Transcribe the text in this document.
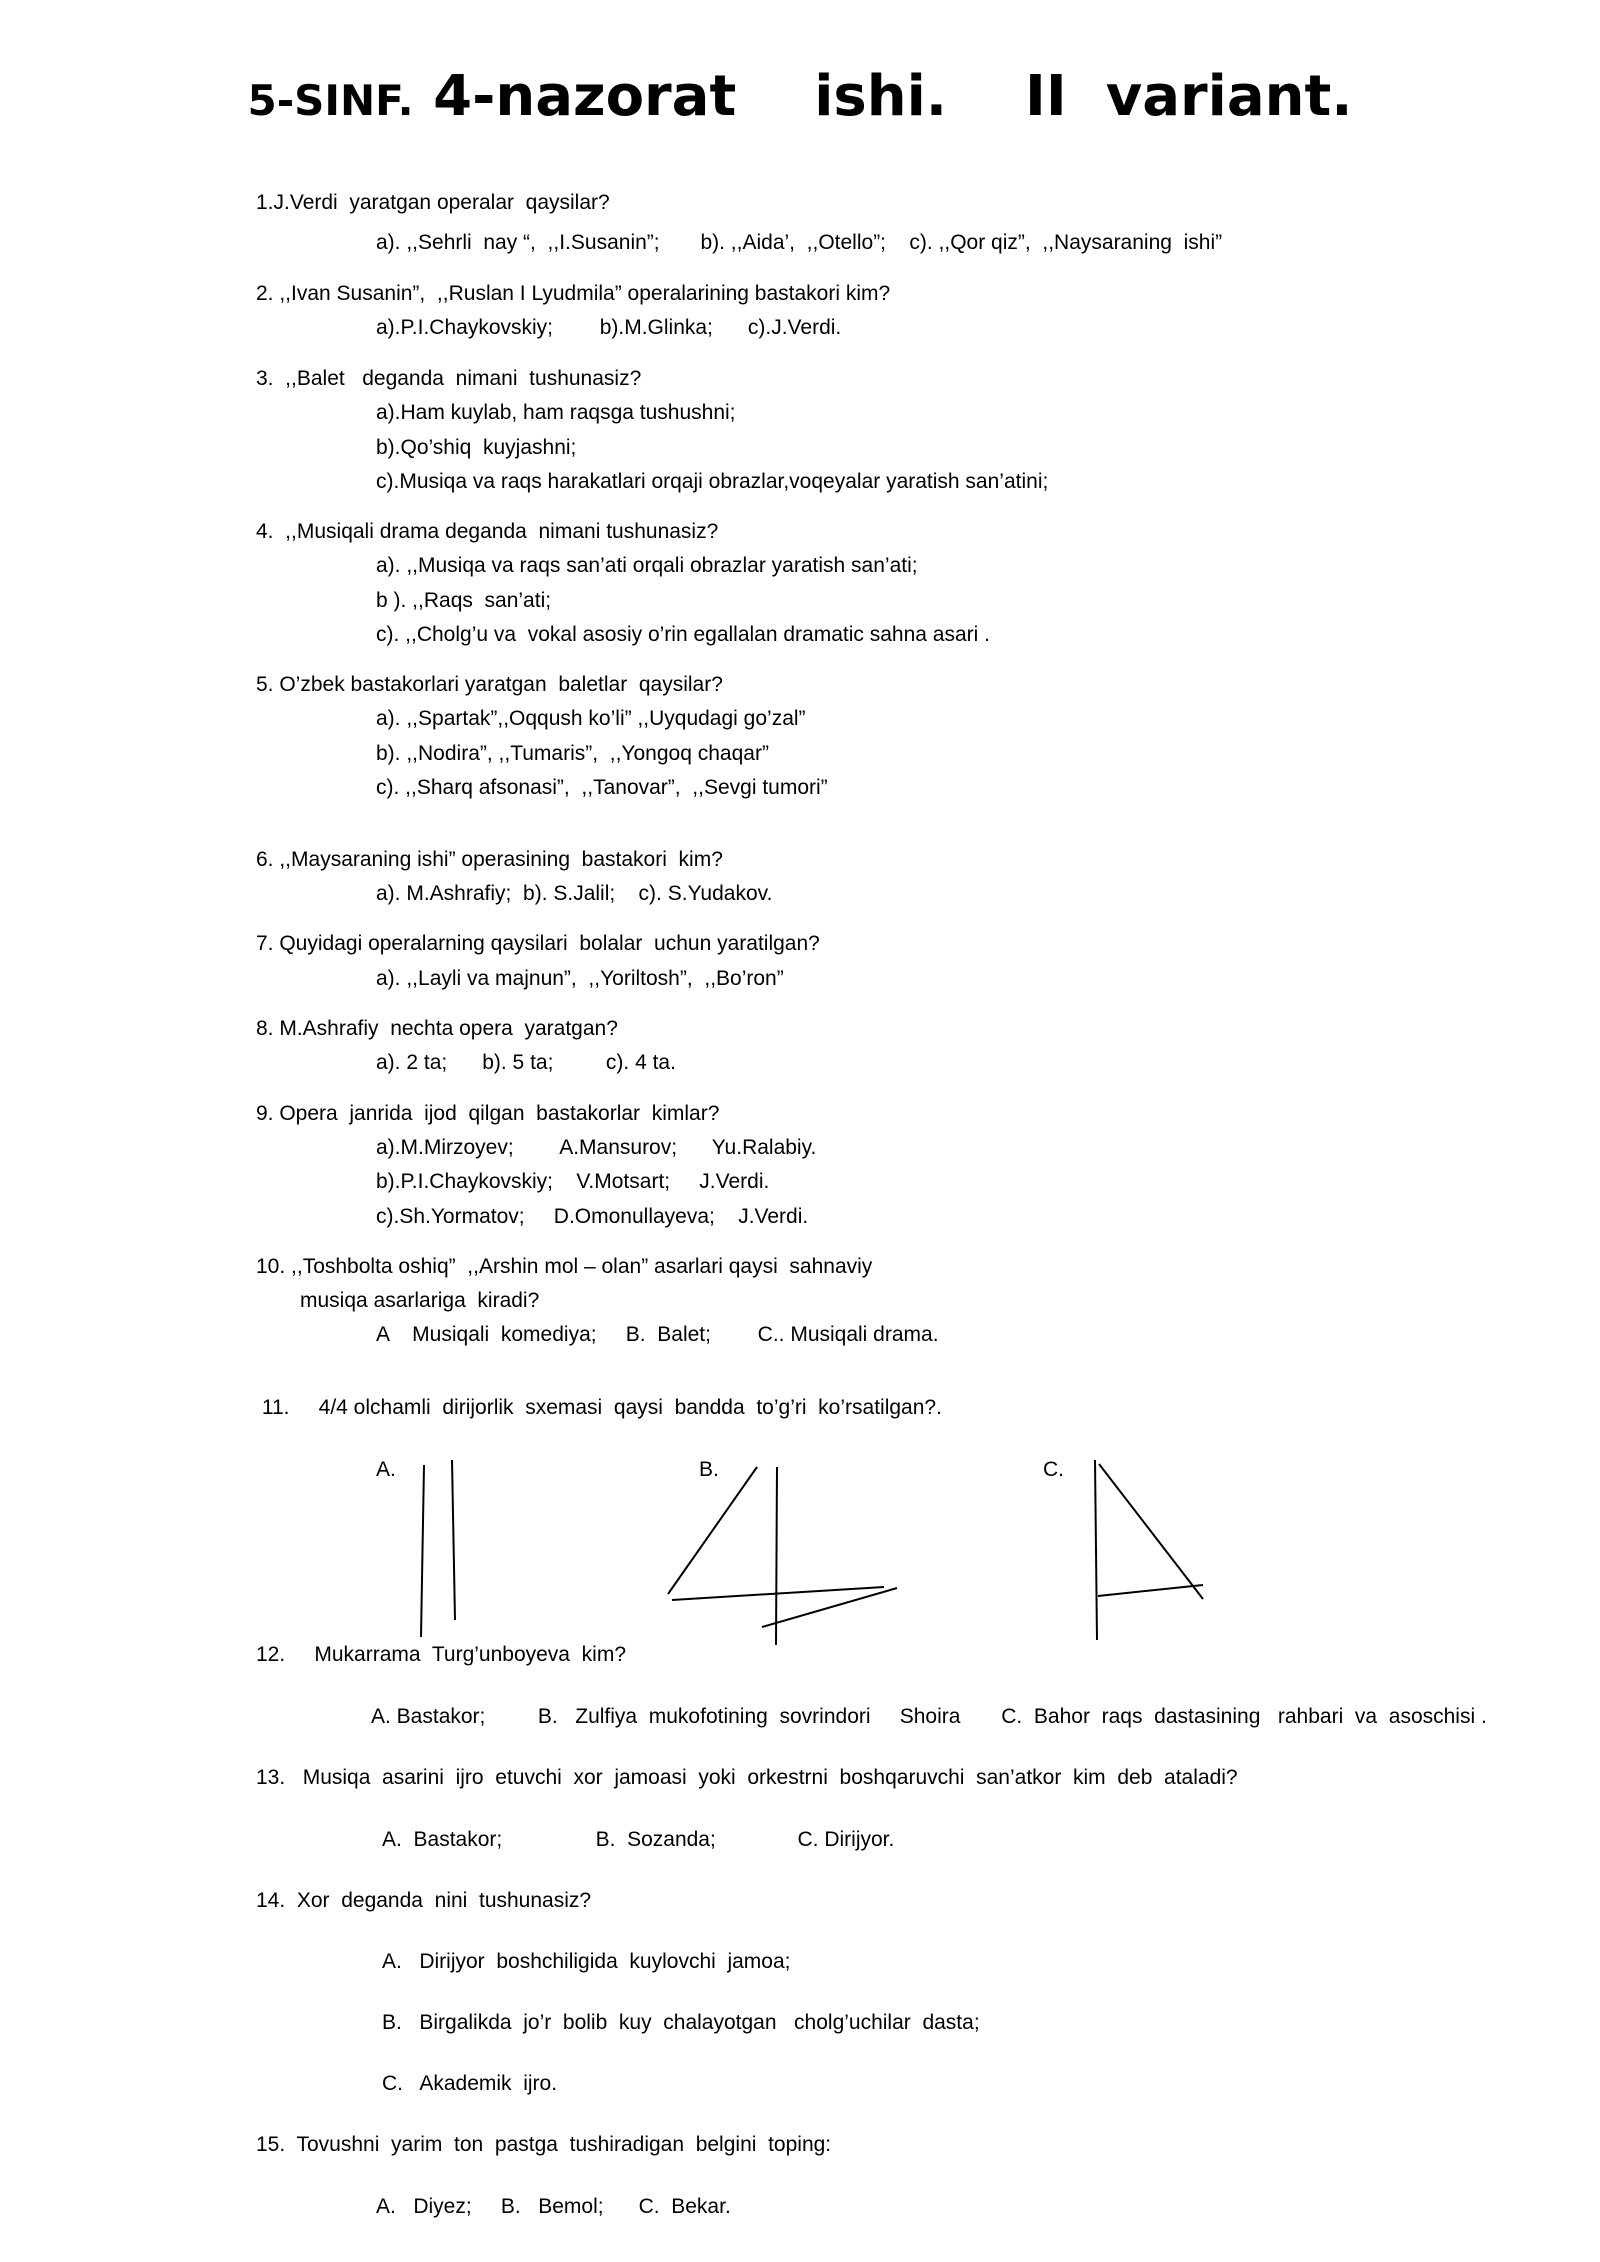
5-SINF. 4-nazorat    ishi.    II  variant.
1.J.Verdi  yaratgan operalar  qaysilar?
a). ,,Sehrli  nay “,  ,,I.Susanin”;       b). ,,Aida’,  ,,Otello”;    c). ,,Qor qiz”,  ,,Naysaraning  ishi”
2. ,,Ivan Susanin”,  ,,Ruslan I Lyudmila” operalarining bastakori kim?
a).P.I.Chaykovskiy;        b).M.Glinka;      c).J.Verdi.
3.  ,,Balet   deganda  nimani  tushunasiz?
a).Ham kuylab, ham raqsga tushushni;
b).Qo’shiq  kuyjashni;
c).Musiqa va raqs harakatlari orqaji obrazlar,voqeyalar yaratish san’atini;
4.  ,,Musiqali drama deganda  nimani tushunasiz?
a). ,,Musiqa va raqs san’ati orqali obrazlar yaratish san’ati;
b ). ,,Raqs  san’ati;
c). ,,Cholg’u va  vokal asosiy o’rin egallalan dramatic sahna asari .
5. O’zbek bastakorlari yaratgan  baletlar  qaysilar?
a). ,,Spartak”,,Oqqush ko’li” ,,Uyqudagi go’zal”
b). ,,Nodira”, ,,Tumaris”,  ,,Yongoq chaqar”
c). ,,Sharq afsonasi”,  ,,Tanovar”,  ,,Sevgi tumori”
6. ,,Maysaraning ishi” operasining  bastakori  kim?
a). M.Ashrafiy;  b). S.Jalil;    c). S.Yudakov.
7. Quyidagi operalarning qaysilari  bolalar  uchun yaratilgan?
a). ,,Layli va majnun”,  ,,Yoriltosh”,  ,,Bo’ron”
8. M.Ashrafiy  nechta opera  yaratgan?
a). 2 ta;      b). 5 ta;         c). 4 ta.
9. Opera  janrida  ijod  qilgan  bastakorlar  kimlar?
a).M.Mirzoyev;        A.Mansurov;      Yu.Ralabiy.
b).P.I.Chaykovskiy;    V.Motsart;     J.Verdi.
c).Sh.Yormatov;     D.Omonullayeva;    J.Verdi.
10. ,,Toshbolta oshiq”  ,,Arshin mol – olan” asarlari qaysi  sahnaviy
musiqa asarlariga  kiradi?
A    Musiqali  komediya;     B.  Balet;        C.. Musiqali drama.
11.     4/4 olchamli  dirijorlik  sxemasi  qaysi  bandda  to’g’ri  ko’rsatilgan?.
A.	B.	C.
12.     Mukarrama  Turg’unboyeva  kim?
A. Bastakor;         B.   Zulfiya  mukofotining  sovrindori     Shoira       C.  Bahor  raqs  dastasining   rahbari  va  asoschisi .
13.   Musiqa  asarini  ijro  etuvchi  xor  jamoasi  yoki  orkestrni  boshqaruvchi  san’atkor  kim  deb  ataladi?
A.  Bastakor;                B.  Sozanda;              C. Dirijyor.
14.  Xor  deganda  nini  tushunasiz?
A.   Dirijyor  boshchiligida  kuylovchi  jamoa;
B.   Birgalikda  jo’r  bolib  kuy  chalayotgan   cholg’uchilar  dasta;
C.   Akademik  ijro.
15.  Tovushni  yarim  ton  pastga  tushiradigan  belgini  toping:
A.   Diyez;     B.   Bemol;      C.  Bekar.
